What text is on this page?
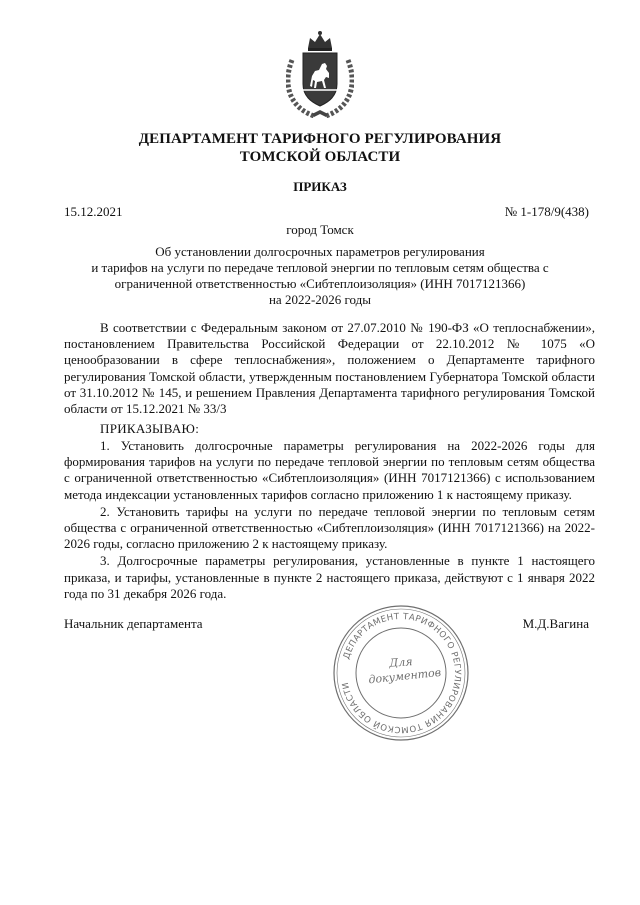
ДЕПАРТАМЕНТ ТАРИФНОГО РЕГУЛИРОВАНИЯ
ТОМСКОЙ ОБЛАСТИ
ПРИКАЗ
15.12.2021	№ 1-178/9(438)
город Томск
Об установлении долгосрочных параметров регулирования
и тарифов на услуги по передаче тепловой энергии по тепловым сетям общества с
ограниченной ответственностью «Сибтеплоизоляция» (ИНН 7017121366)
на 2022-2026 годы

В соответствии с Федеральным законом от 27.07.2010 № 190-ФЗ «О теплоснабжении», постановлением Правительства Российской Федерации от 22.10.2012 № 1075 «О ценообразовании в сфере теплоснабжения», положением о Департаменте тарифного регулирования Томской области, утвержденным постановлением Губернатора Томской области от 31.10.2012 № 145, и решением Правления Департамента тарифного регулирования Томской области от 15.12.2021 № 33/3

ПРИКАЗЫВАЮ:

1. Установить долгосрочные параметры регулирования на 2022-2026 годы для формирования тарифов на услуги по передаче тепловой энергии по тепловым сетям общества с ограниченной ответственностью «Сибтеплоизоляция» (ИНН 7017121366) с использованием метода индексации установленных тарифов согласно приложению 1 к настоящему приказу.

2. Установить тарифы на услуги по передаче тепловой энергии по тепловым сетям общества с ограниченной ответственностью «Сибтеплоизоляция» (ИНН 7017121366) на 2022-2026 годы, согласно приложению 2 к настоящему приказу.

3. Долгосрочные параметры регулирования, установленные в пункте 1 настоящего приказа, и тарифы, установленные в пункте 2 настоящего приказа, действуют с 1 января 2022 года по 31 декабря 2026 года.

Начальник департамента	М.Д.Вагина
ДЕПАРТАМЕНТ ТАРИФНОГО РЕГУЛИРОВАНИЯ ТОМСКОЙ ОБЛАСТИ
Для
документов
